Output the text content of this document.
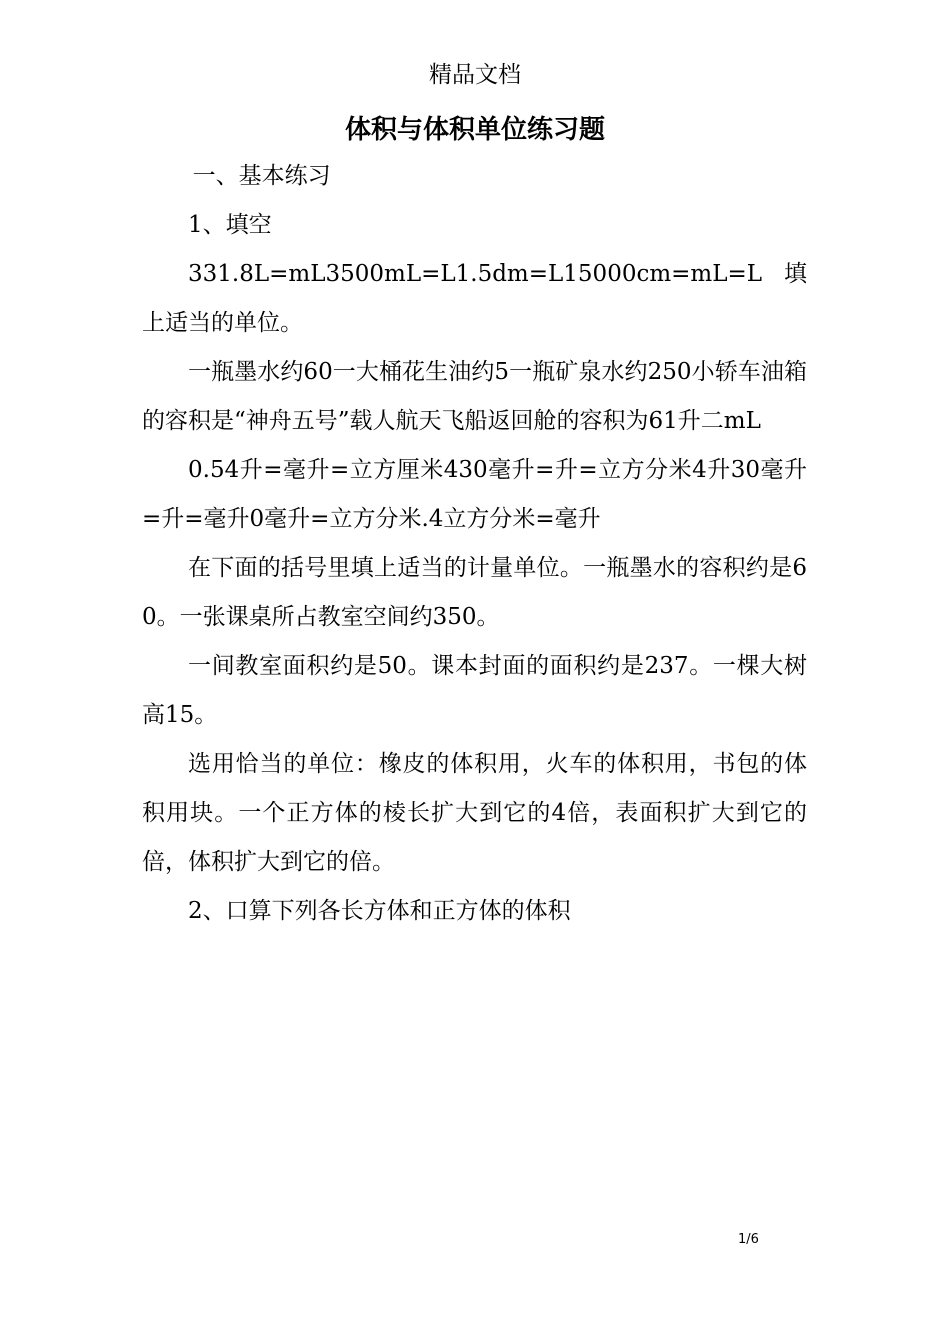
精品文档
体积与体积单位练习题

一、基本练习

1、填空

331.8L=mL3500mL=L1.5dm=L15000cm=mL=L填上适当的单位。

一瓶墨水约60一大桶花生油约5一瓶矿泉水约250小轿车油箱的容积是“神舟五号”载人航天飞船返回舱的容积为61升二mL

0.54升=毫升=立方厘米430毫升=升=立方分米4升30毫升=升=毫升0毫升=立方分米.4立方分米=毫升

在下面的括号里填上适当的计量单位。一瓶墨水的容积约是60。一张课桌所占教室空间约350。

一间教室面积约是50。课本封面的面积约是237。一棵大树高15。

选用恰当的单位：橡皮的体积用，火车的体积用，书包的体积用块。一个正方体的棱长扩大到它的4倍，表面积扩大到它的倍，体积扩大到它的倍。

2、口算下列各长方体和正方体的体积

1/6
